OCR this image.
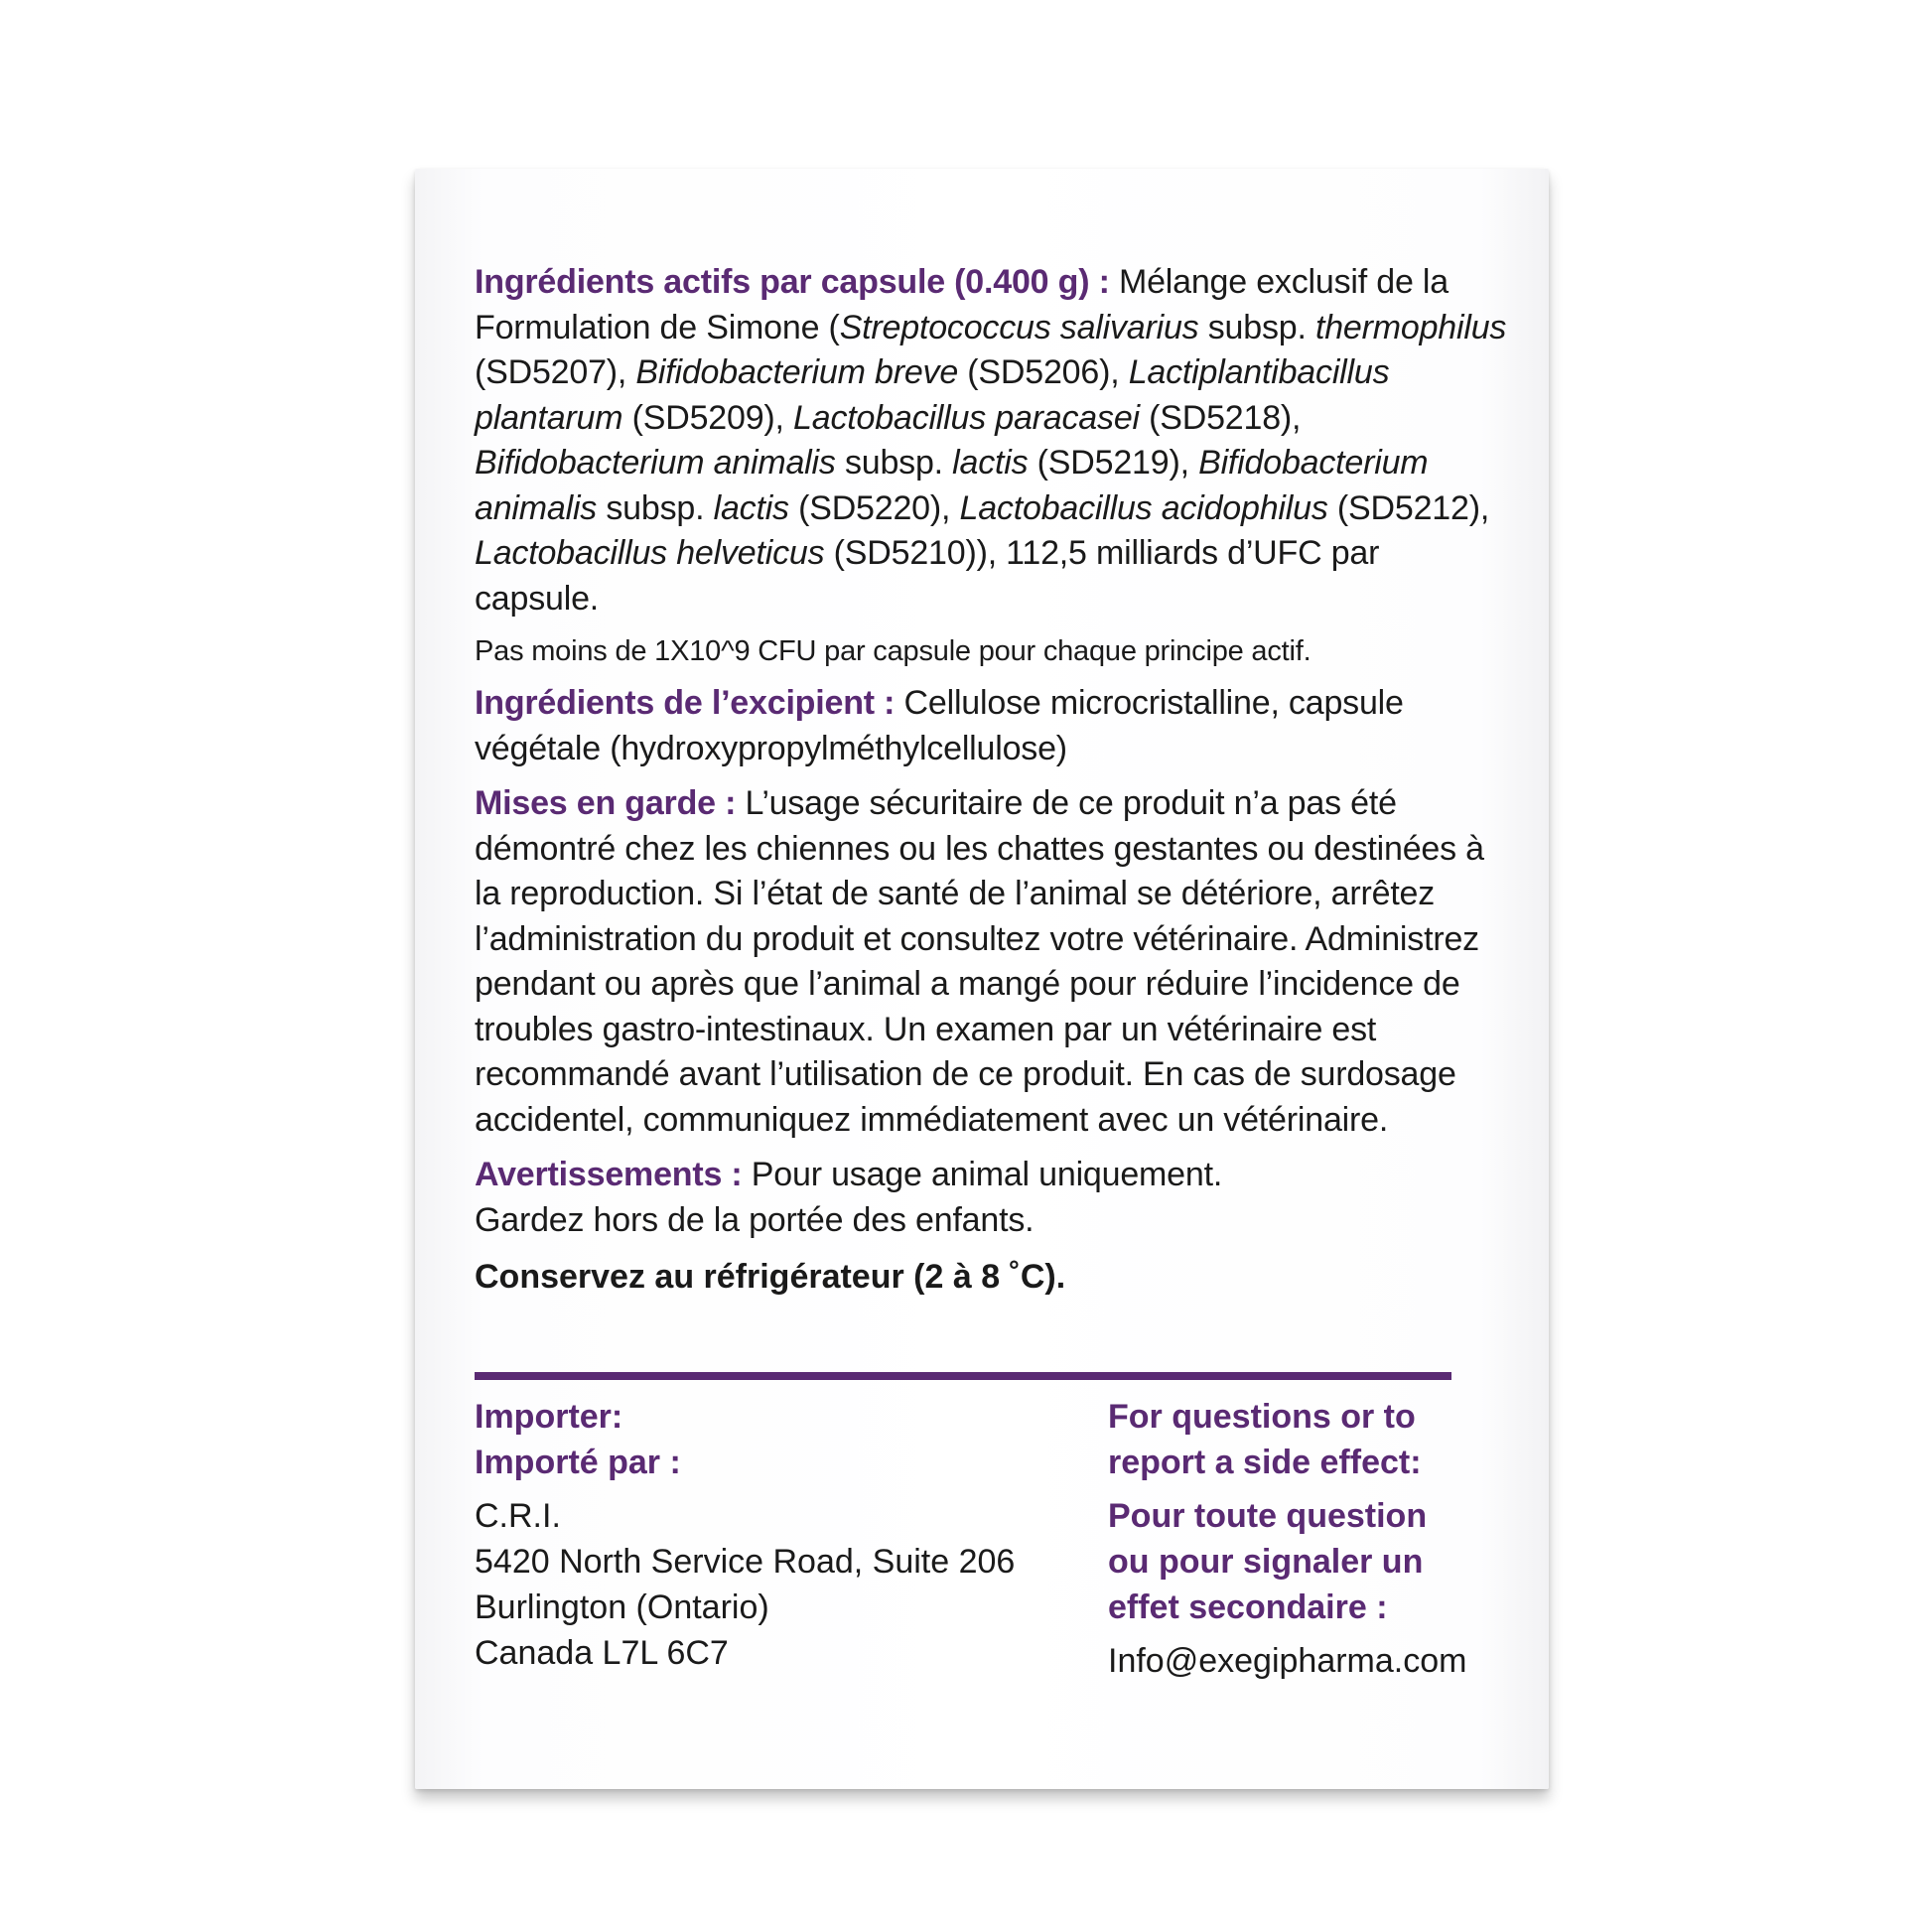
Ingrédients actifs par capsule (0.400 g) : Mélange exclusif de la Formulation de Simone (Streptococcus salivarius subsp. thermophilus (SD5207), Bifidobacterium breve (SD5206), Lactiplantibacillus plantarum (SD5209), Lactobacillus paracasei (SD5218), Bifidobacterium animalis subsp. lactis (SD5219), Bifidobacterium animalis subsp. lactis (SD5220), Lactobacillus acidophilus (SD5212), Lactobacillus helveticus (SD5210)), 112,5 milliards d’UFC par capsule.

Pas moins de 1X10^9 CFU par capsule pour chaque principe actif.

Ingrédients de l’excipient : Cellulose microcristalline, capsule végétale (hydroxypropylméthylcellulose)

Mises en garde : L’usage sécuritaire de ce produit n’a pas été démontré chez les chiennes ou les chattes gestantes ou destinées à la reproduction. Si l’état de santé de l’animal se détériore, arrêtez l’administration du produit et consultez votre vétérinaire. Administrez pendant ou après que l’animal a mangé pour réduire l’incidence de troubles gastro-intestinaux. Un examen par un vétérinaire est recommandé avant l’utilisation de ce produit. En cas de surdosage accidentel, communiquez immédiatement avec un vétérinaire.

Avertissements : Pour usage animal uniquement.
Gardez hors de la portée des enfants.

Conservez au réfrigérateur (2 à 8 ˚C).

Importer:
Importé par :
C.R.I.
5420 North Service Road, Suite 206
Burlington (Ontario)
Canada L7L 6C7
For questions or to
report a side effect:
Pour toute question
ou pour signaler un
effet secondaire :
Info@exegipharma.com
